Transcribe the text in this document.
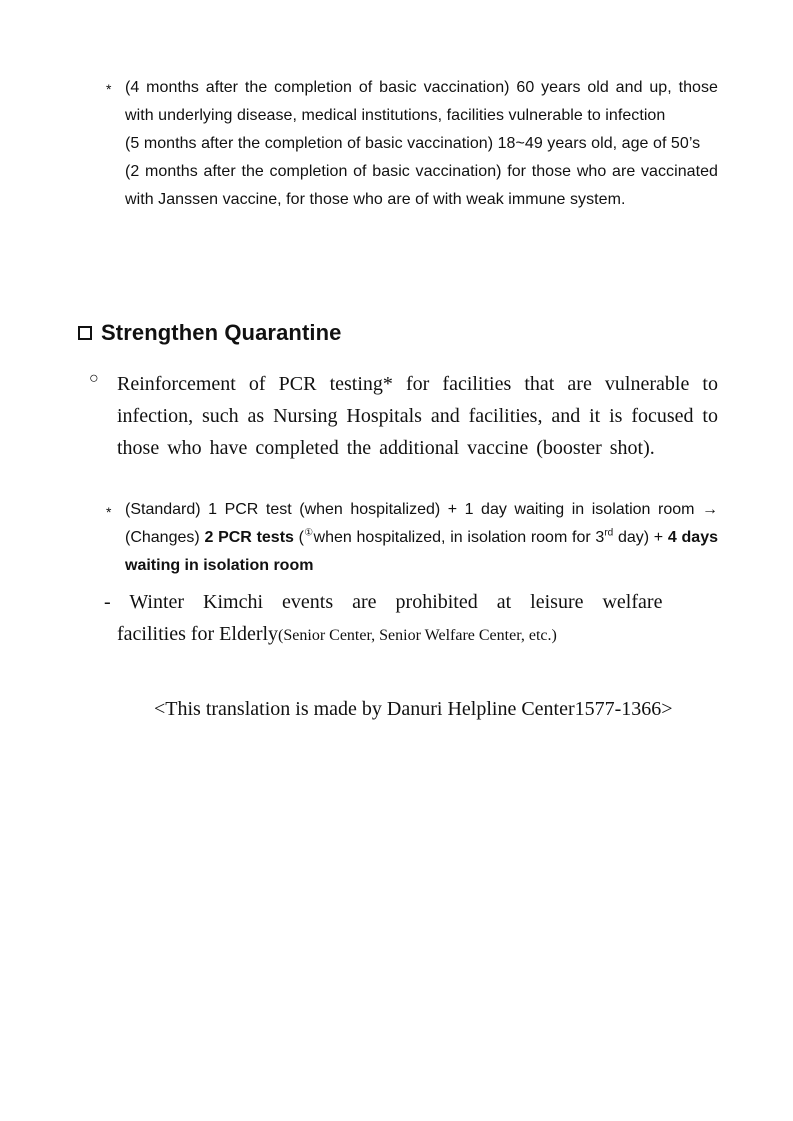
* (4 months after the completion of basic vaccination) 60 years old and up, those with underlying disease, medical institutions, facilities vulnerable to infection

(5 months after the completion of basic vaccination) 18~49 years old, age of 50’s

(2 months after the completion of basic vaccination) for those who are vaccinated with Janssen vaccine, for those who are of with weak immune system.

Strengthen Quarantine
○ Reinforcement of PCR testing* for facilities that are vulnerable to infection, such as Nursing Hospitals and facilities, and it is focused to those who have completed the additional vaccine (booster shot).

* (Standard) 1 PCR test (when hospitalized) + 1 day waiting in isolation room → (Changes) 2 PCR tests (①when hospitalized, in isolation room for 3rd day) + 4 days waiting in isolation room

- Winter Kimchi events are prohibited at leisure welfare

facilities for Elderly(Senior Center, Senior Welfare Center, etc.)

<This translation is made by Danuri Helpline Center1577-1366>
